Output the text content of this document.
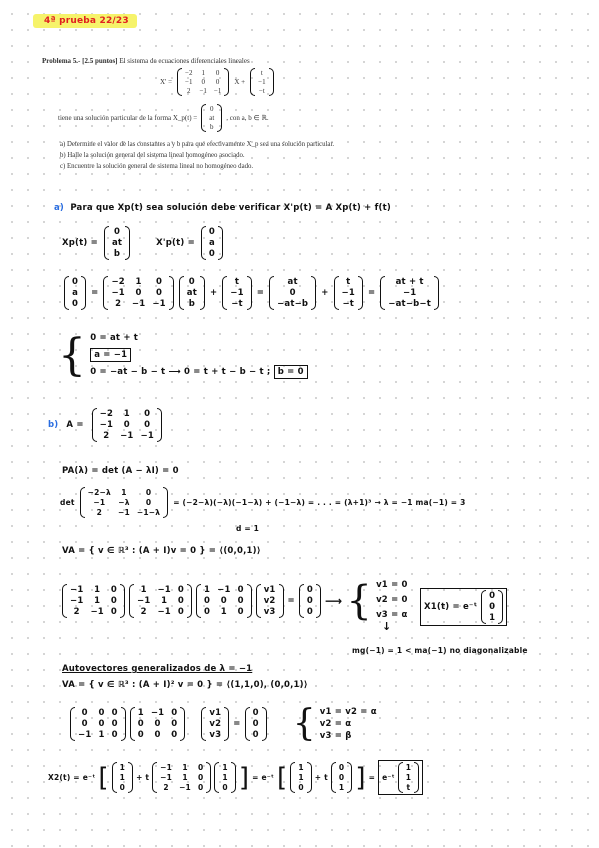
4ª prueba 22/23
Problema 5.- [2.5 puntos] El sistema de ecuaciones diferenciales lineales
X' =
−2 1 0
−1 0 0
2 −1 −1
X +
t
−1
−t
tiene una solución particular de la forma X_p(t) =
0
at
b
, con a, b ∈ ℝ.
a) Determine el valor de las constantes a y b para que efectivamente X_p sea una solución particular.
b) Halle la solución general del sistema lineal homogéneo asociado.
c) Encuentre la solución general de sistema lineal no homogéneo dado.
a) Para que Xp(t) sea solución debe verificar X'p(t) = A Xp(t) + f(t)
Xp(t) =
0
at
b
X'p(t) =
0
a
0
0
a
0
=
−2	1	0
−1	0	0
2	−1 −1
0
at
b
+
t
−1
−t
=
at
0
−at−b
+
t
−1
−t
=
at + t
−1
−at−b−t
{ 0 = at + t
a = −1
0 = −at − b − t ⟶ 0 = t + t − b − t ; b = 0
b) A =
−2	1	0
−1	0	0
2	−1 −1
PA(λ) = det (A − λI) = 0
det
−2−λ	1	0
−1	−λ	0
2	−1 −1−λ
= (−2−λ)(−λ)(−1−λ) + (−1−λ) = . . . = (λ+1)³ → λ = −1 ma(−1) = 3
d = 1
VA = { v ∈ ℝ³ : (A + I)v = 0 } = ⟨(0,0,1)⟩
−1	1	0
−1	1	0
2	−1 0
1	−1 0
−1	1	0
2	−1 0
1 −1 0
0	0	0
0	1	0
v1
v2
v3
=
0
0
0
⟶ { v1 = 0
v2 = 0
v3 = α
X1(t) = e⁻ᵗ
0
0
1
↓
mg(−1) = 1 < ma(−1) no diagonalizable
Autovectores generalizados de λ = −1
VA = { v ∈ ℝ³ : (A + I)² v = 0 } = ⟨(1,1,0), (0,0,1)⟩
0	0 0
0	0 0
−1 1 0
1 −1 0
0	0	0
0	0	0
v1
v2
v3
=
0
0
0 { v1 = v2 = α
v2 = α
v3 = β
X2(t) = e⁻ᵗ [ 1
1
0
+ t
−1	1	0
−1	1	0
2	−1 0
1
1
0 ] = e⁻ᵗ [ 1
1
0
+ t
0
0
1 ] = e⁻ᵗ
1
1
t
